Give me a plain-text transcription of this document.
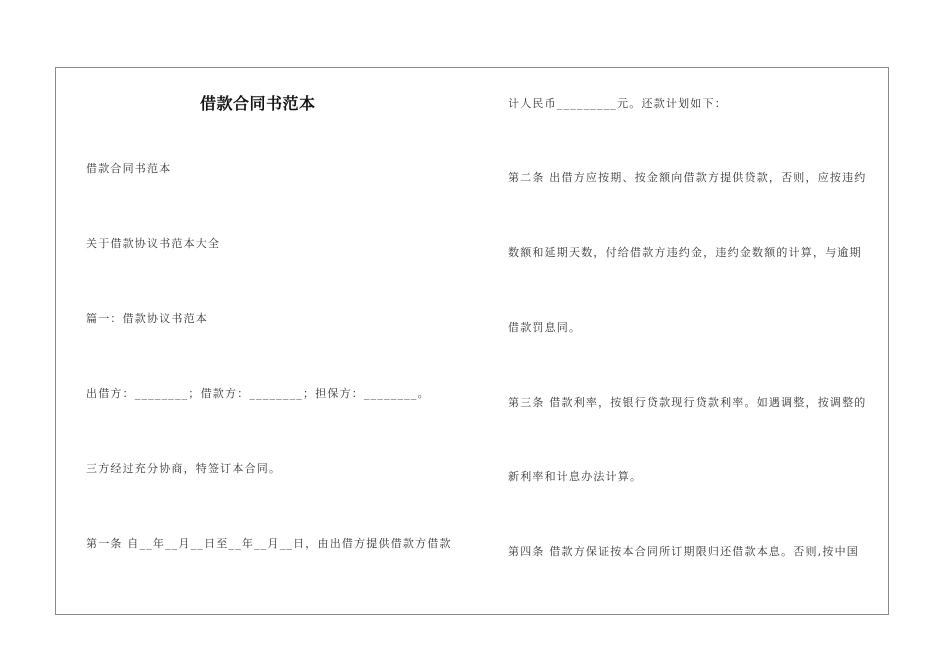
借款合同书范本
借款合同书范本
关于借款协议书范本大全
篇一：借款协议书范本
出借方：________；借款方：________；担保方：________。
三方经过充分协商，特签订本合同。
第一条 自__年__月__日至__年__月__日，由出借方提供借款方借款
计人民币_________元。还款计划如下：
第二条 出借方应按期、按金额向借款方提供贷款，否则，应按违约
数额和延期天数，付给借款方违约金，违约金数额的计算，与逾期
借款罚息同。
第三条 借款利率，按银行贷款现行贷款利率。如遇调整，按调整的
新利率和计息办法计算。
第四条 借款方保证按本合同所订期限归还借款本息。否则,按中国
